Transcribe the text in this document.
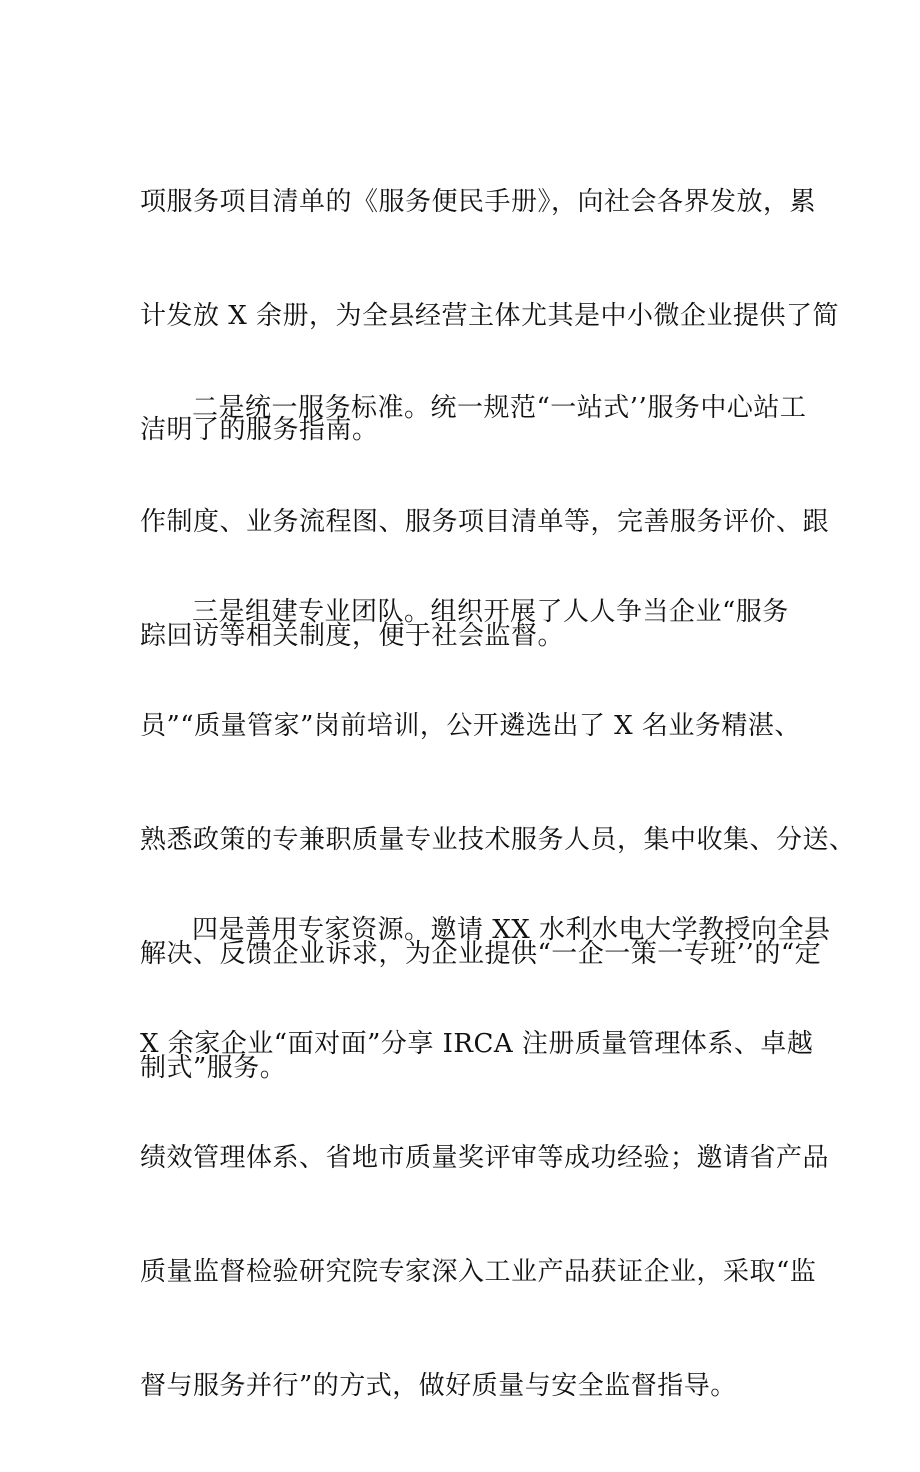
项服务项目清单的《服务便民手册》，向社会各界发放，累

计发放 X 余册，为全县经营主体尤其是中小微企业提供了简

洁明了的服务指南。

二是统一服务标准。统一规范“一站式’’服务中心站工

作制度、业务流程图、服务项目清单等，完善服务评价、跟

踪回访等相关制度，便于社会监督。

三是组建专业团队。组织开展了人人争当企业“服务

员”“质量管家”岗前培训，公开遴选出了 X 名业务精湛、

熟悉政策的专兼职质量专业技术服务人员，集中收集、分送、

解决、反馈企业诉求，为企业提供“一企一策一专班’’的“定

制式”服务。

四是善用专家资源。邀请 XX 水利水电大学教授向全县

X 余家企业“面对面”分享 IRCA 注册质量管理体系、卓越

绩效管理体系、省地市质量奖评审等成功经验；邀请省产品

质量监督检验研究院专家深入工业产品获证企业，采取“监

督与服务并行”的方式，做好质量与安全监督指导。
